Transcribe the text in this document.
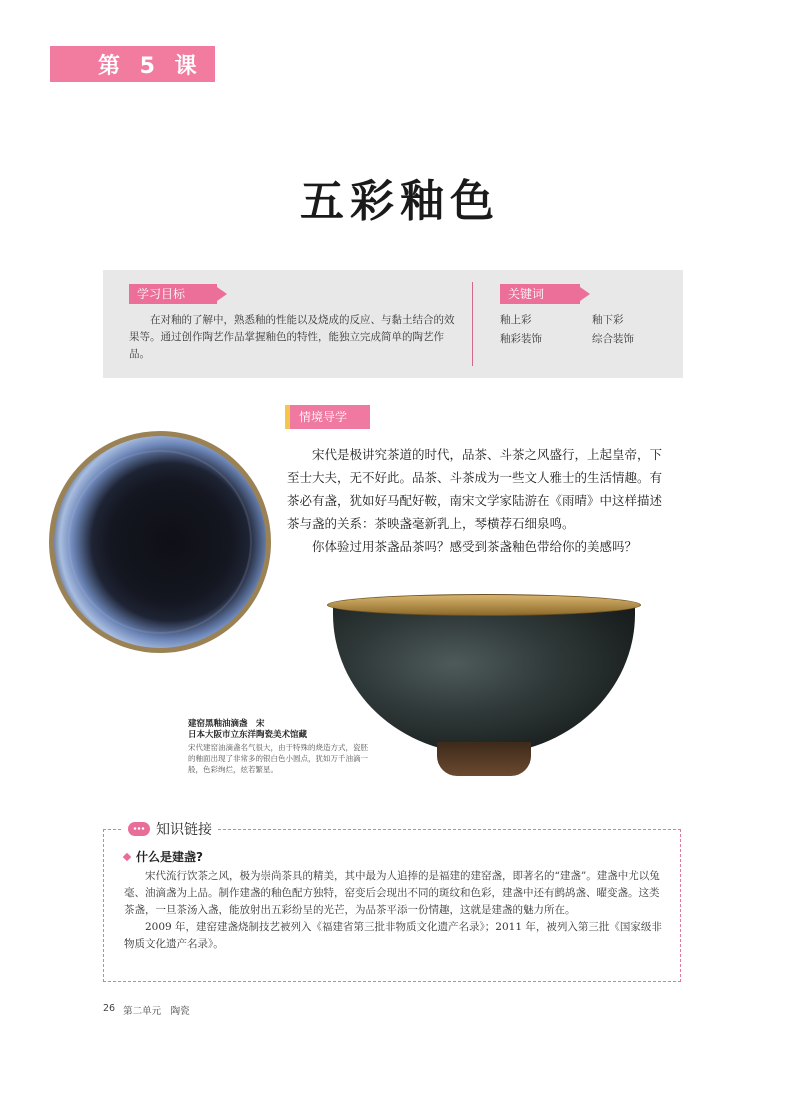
第 5 课
五彩釉色
学习目标
在对釉的了解中，熟悉釉的性能以及烧成的反应、与黏土结合的效果等。通过创作陶艺作品掌握釉色的特性，能独立完成简单的陶艺作品。
关键词
釉上彩	釉下彩
釉彩装饰	综合装饰
情境导学

宋代是极讲究茶道的时代，品茶、斗茶之风盛行，上起皇帝，下至士大夫，无不好此。品茶、斗茶成为一些文人雅士的生活情趣。有茶必有盏，犹如好马配好鞍，南宋文学家陆游在《雨晴》中这样描述茶与盏的关系：茶映盏毫新乳上，琴横荐石细泉鸣。

你体验过用茶盏品茶吗？感受到茶盏釉色带给你的美感吗？

建窑黑釉油滴盏　宋
日本大阪市立东洋陶瓷美术馆藏
宋代建窑油滴盏名气很大，由于特殊的烧造方式，瓷胚的釉面出现了非常多的银白色小圆点，犹如万千油滴一般，色彩绚烂，炫若繁星。
知识链接
什么是建盏?

宋代流行饮茶之风，极为崇尚茶具的精美，其中最为人追捧的是福建的建窑盏，即著名的“建盏”。建盏中尤以兔毫、油滴盏为上品。制作建盏的釉色配方独特，窑变后会现出不同的斑纹和色彩，建盏中还有鹧鸪盏、曜变盏。这类茶盏，一旦茶汤入盏，能放射出五彩纷呈的光芒，为品茶平添一份情趣，这就是建盏的魅力所在。

2009 年，建窑建盏烧制技艺被列入《福建省第三批非物质文化遗产名录》；2011 年，被列入第三批《国家级非物质文化遗产名录》。

26 第二单元　陶瓷
